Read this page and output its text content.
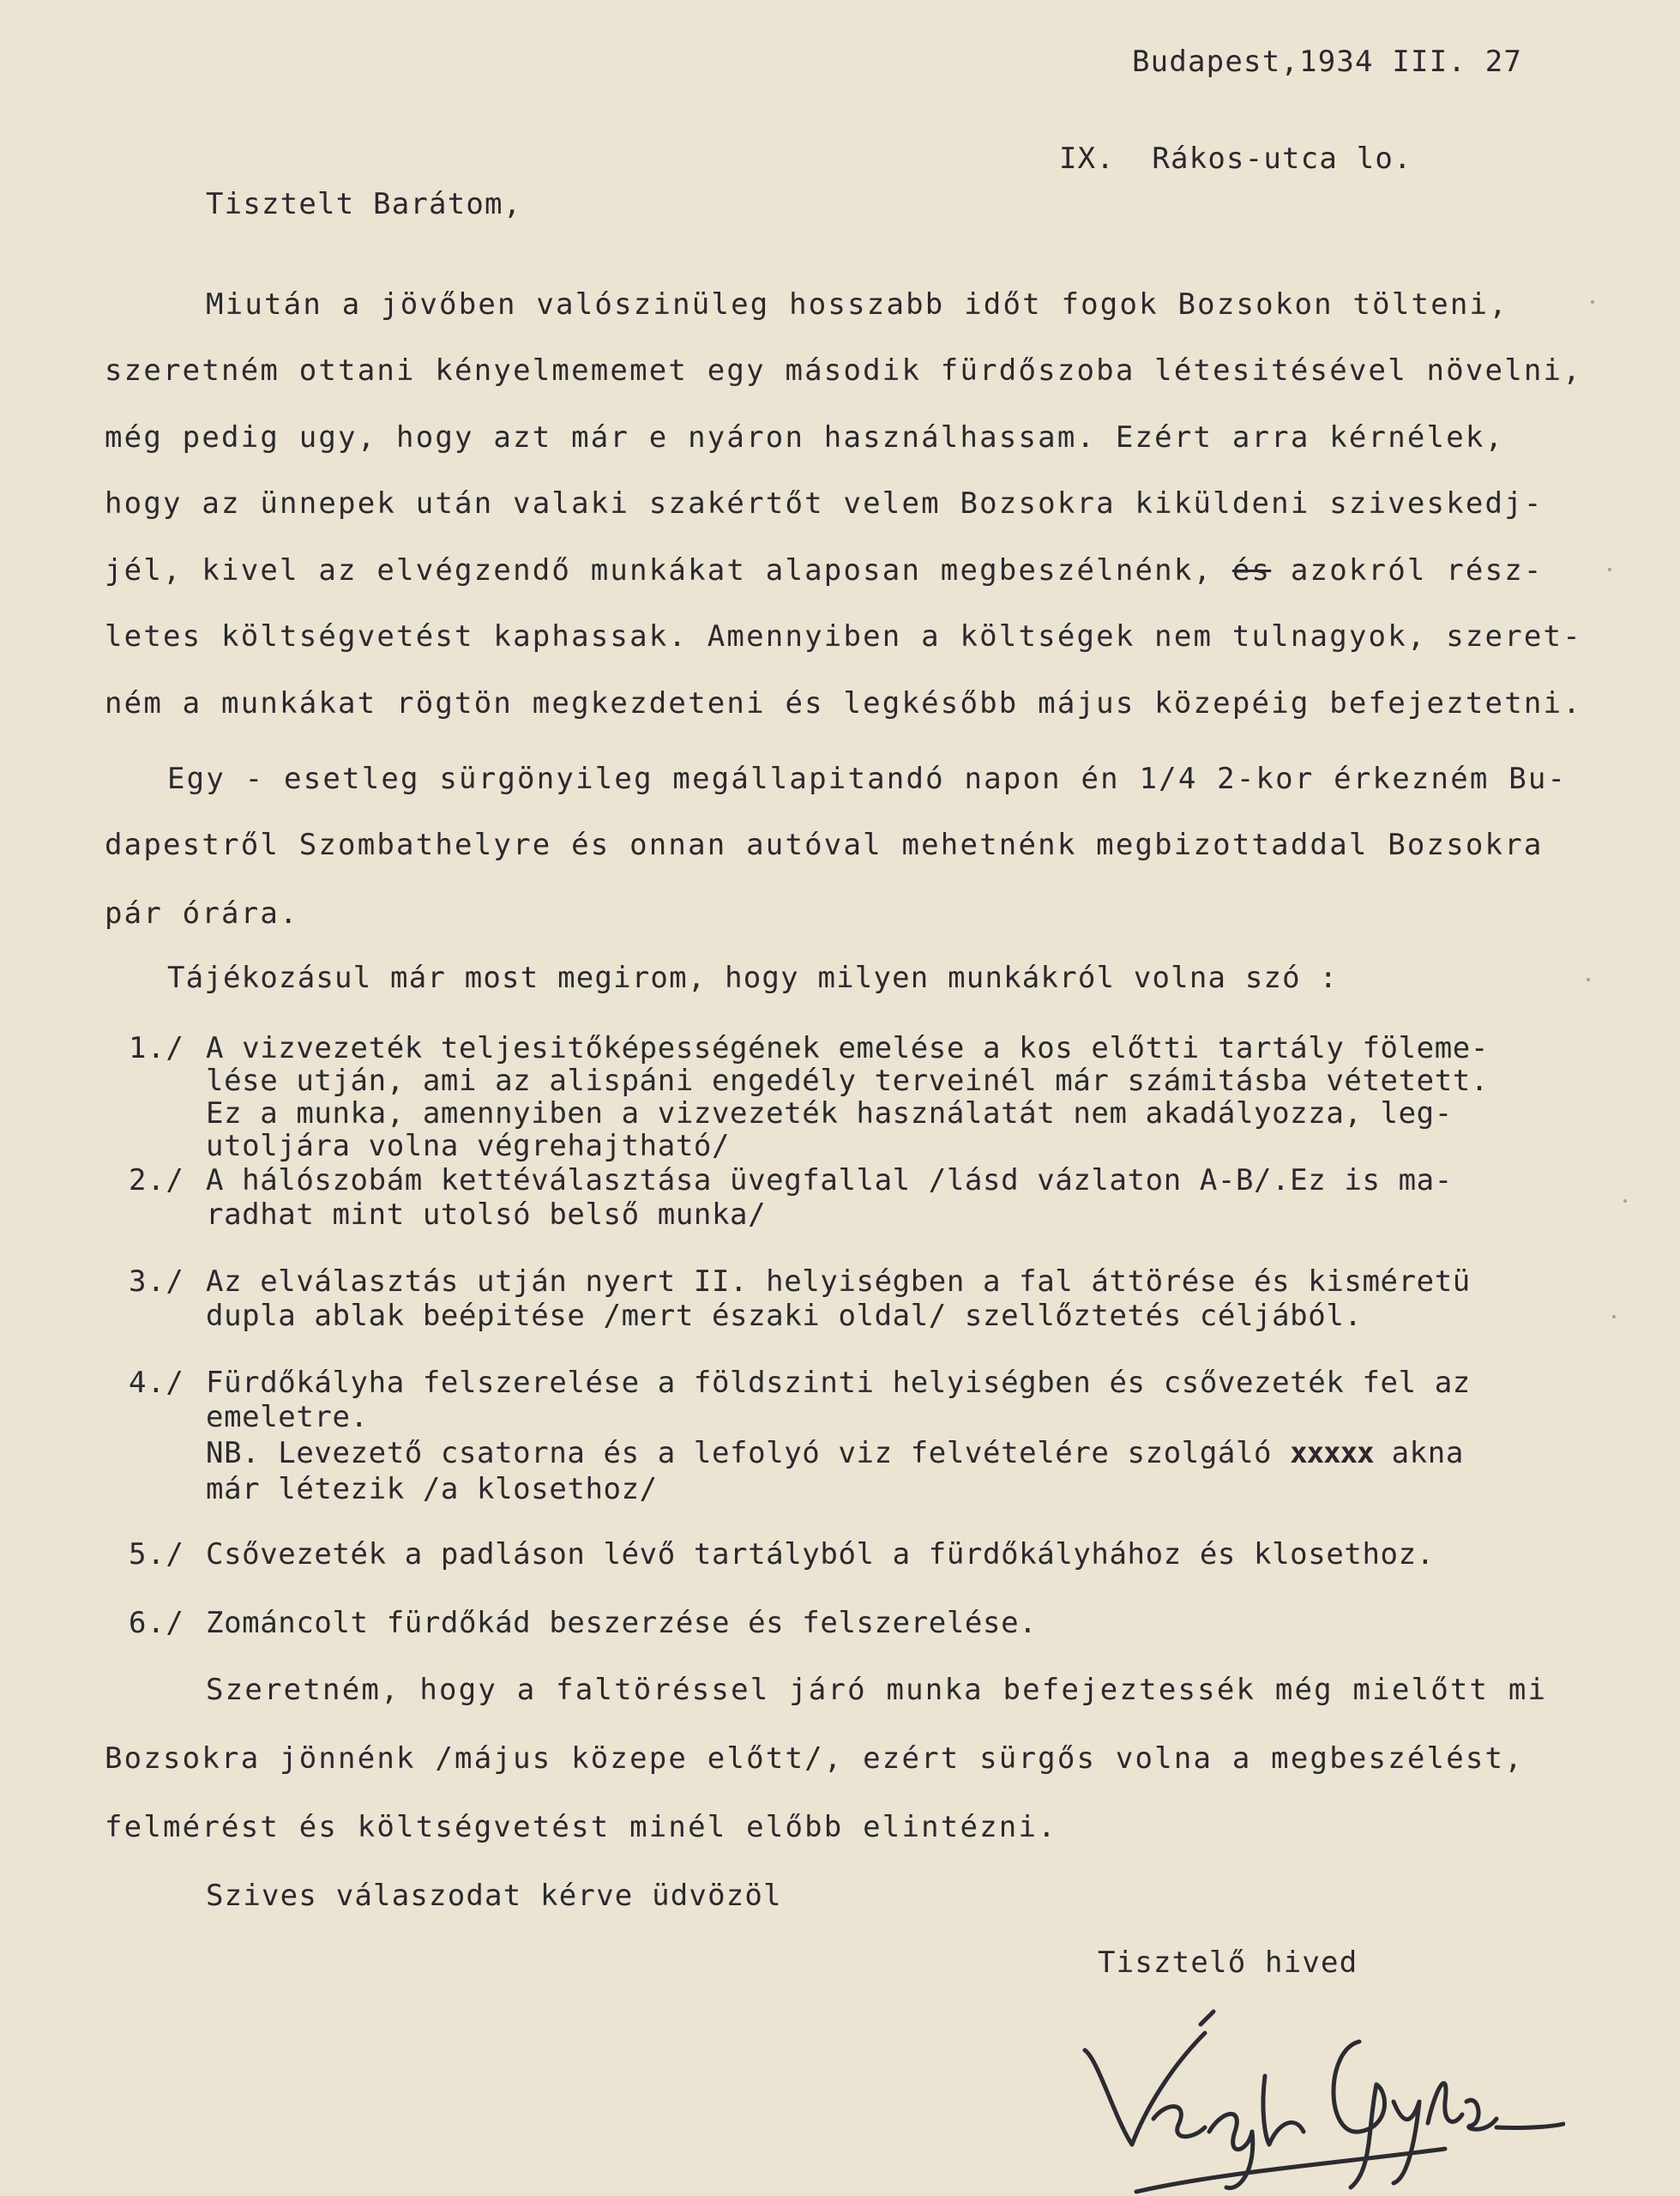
Budapest,1934 III. 27
IX.  Rákos-utca lo.
Tisztelt Barátom,
Miután a jövőben valószinüleg hosszabb időt fogok Bozsokon tölteni,
szeretném ottani kényelmememet egy második fürdőszoba létesitésével növelni,
még pedig ugy, hogy azt már e nyáron használhassam. Ezért arra kérnélek,
hogy az ünnepek után valaki szakértőt velem Bozsokra kiküldeni sziveskedj-
jél, kivel az elvégzendő munkákat alaposan megbeszélnénk, és azokról rész-
letes költségvetést kaphassak. Amennyiben a költségek nem tulnagyok, szeret-
ném a munkákat rögtön megkezdeteni és legkésőbb május közepéig befejeztetni.
Egy - esetleg sürgönyileg megállapitandó napon én 1/4 2-kor érkezném Bu-
dapestről Szombathelyre és onnan autóval mehetnénk megbizottaddal Bozsokra
pár órára.
Tájékozásul már most megirom, hogy milyen munkákról volna szó :
1./ A vizvezeték teljesitőképességének emelése a kos előtti tartály föleme-
lése utján, ami az alispáni engedély terveinél már számitásba vétetett.
Ez a munka, amennyiben a vizvezeték használatát nem akadályozza, leg-
utoljára volna végrehajtható/
2./ A hálószobám kettéválasztása üvegfallal /lásd vázlaton A-B/.Ez is ma-
radhat mint utolsó belső munka/
3./ Az elválasztás utján nyert II. helyiségben a fal áttörése és kisméretü
dupla ablak beépitése /mert északi oldal/ szellőztetés céljából.
4./ Fürdőkályha felszerelése a földszinti helyiségben és csővezeték fel az
emeletre.
NB. Levezető csatorna és a lefolyó viz felvételére szolgáló xxxxx akna
már létezik /a klosethoz/
5./ Csővezeték a padláson lévő tartályból a fürdőkályhához és klosethoz.
6./ Zománcolt fürdőkád beszerzése és felszerelése.
Szeretném, hogy a faltöréssel járó munka befejeztessék még mielőtt mi
Bozsokra jönnénk /május közepe előtt/, ezért sürgős volna a megbeszélést,
felmérést és költségvetést minél előbb elintézni.
Szives válaszodat kérve üdvözöl
Tisztelő hived
